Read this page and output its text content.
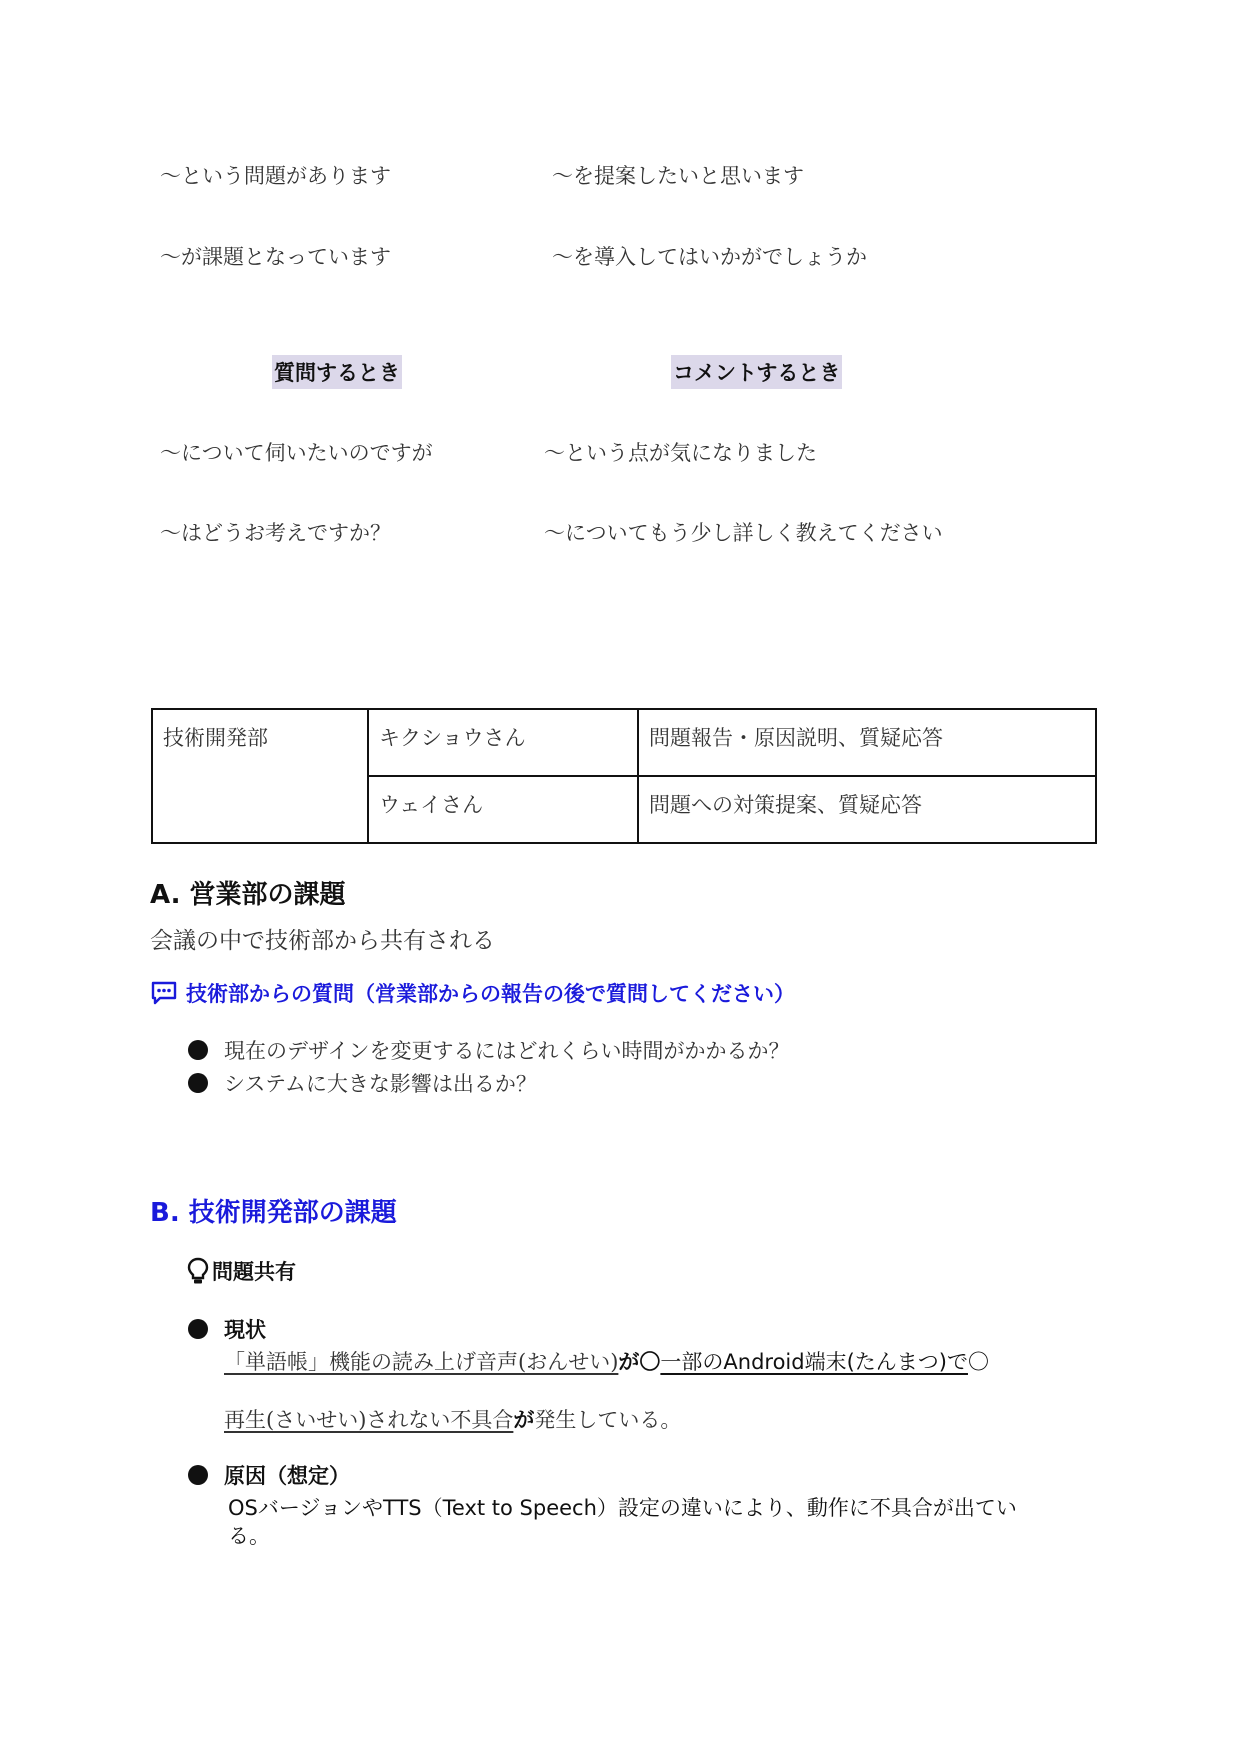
～という問題があります	～を提案したいと思います
～が課題となっています	～を導入してはいかがでしょうか
質問するとき	コメントするとき
～について伺いたいのですが	～という点が気になりました
～はどうお考えですか？	～についてもう少し詳しく教えてください
技術開発部	キクショウさん	問題報告・原因説明、質疑応答
	ウェイさん	問題への対策提案、質疑応答
A. 営業部の課題
会議の中で技術部から共有される
技術部からの質問（営業部からの報告の後で質問してください）
現在のデザインを変更するにはどれくらい時間がかかるか？
システムに大きな影響は出るか？
B. 技術開発部の課題
問題共有
現状
「単語帳」機能の読み上げ音声(おんせい)が〇一部のAndroid端末(たんまつ)で〇
再生(さいせい)されない不具合が発生している。
原因（想定）
OSバージョンやTTS（Text to Speech）設定の違いにより、動作に不具合が出てい
る。
